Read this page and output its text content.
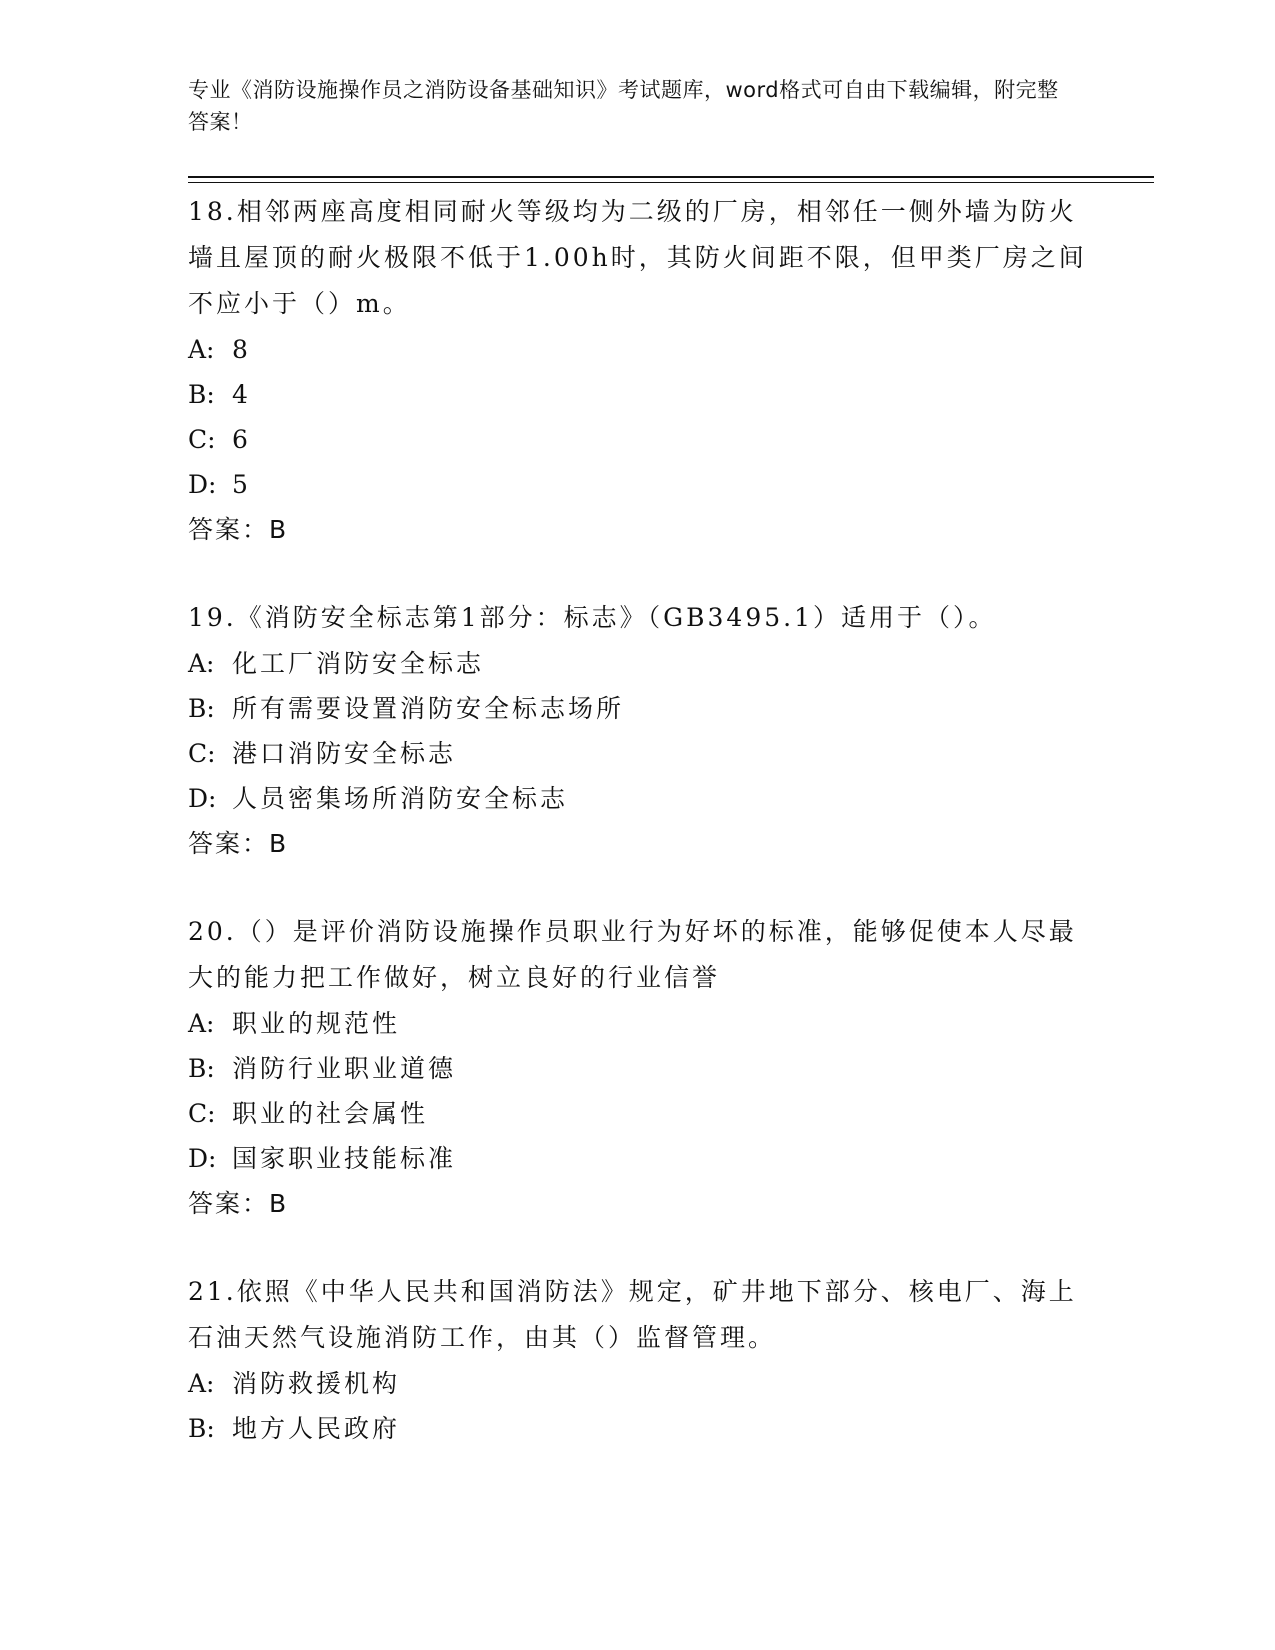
专业《消防设施操作员之消防设备基础知识》考试题库，word格式可自由下载编辑，附完整答案！
18.相邻两座高度相同耐火等级均为二级的厂房，相邻任一侧外墙为防火墙且屋顶的耐火极限不低于1.00h时，其防火间距不限，但甲类厂房之间不应小于（）m。
A: 8
B: 4
C: 6
D: 5
答案：B
19.《消防安全标志第1部分：标志》（GB3495.1）适用于（）。
A: 化工厂消防安全标志
B: 所有需要设置消防安全标志场所
C: 港口消防安全标志
D: 人员密集场所消防安全标志
答案：B
20.（）是评价消防设施操作员职业行为好坏的标准，能够促使本人尽最大的能力把工作做好，树立良好的行业信誉
A: 职业的规范性
B: 消防行业职业道德
C: 职业的社会属性
D: 国家职业技能标准
答案：B
21.依照《中华人民共和国消防法》规定，矿井地下部分、核电厂、海上石油天然气设施消防工作，由其（）监督管理。
A: 消防救援机构
B: 地方人民政府
